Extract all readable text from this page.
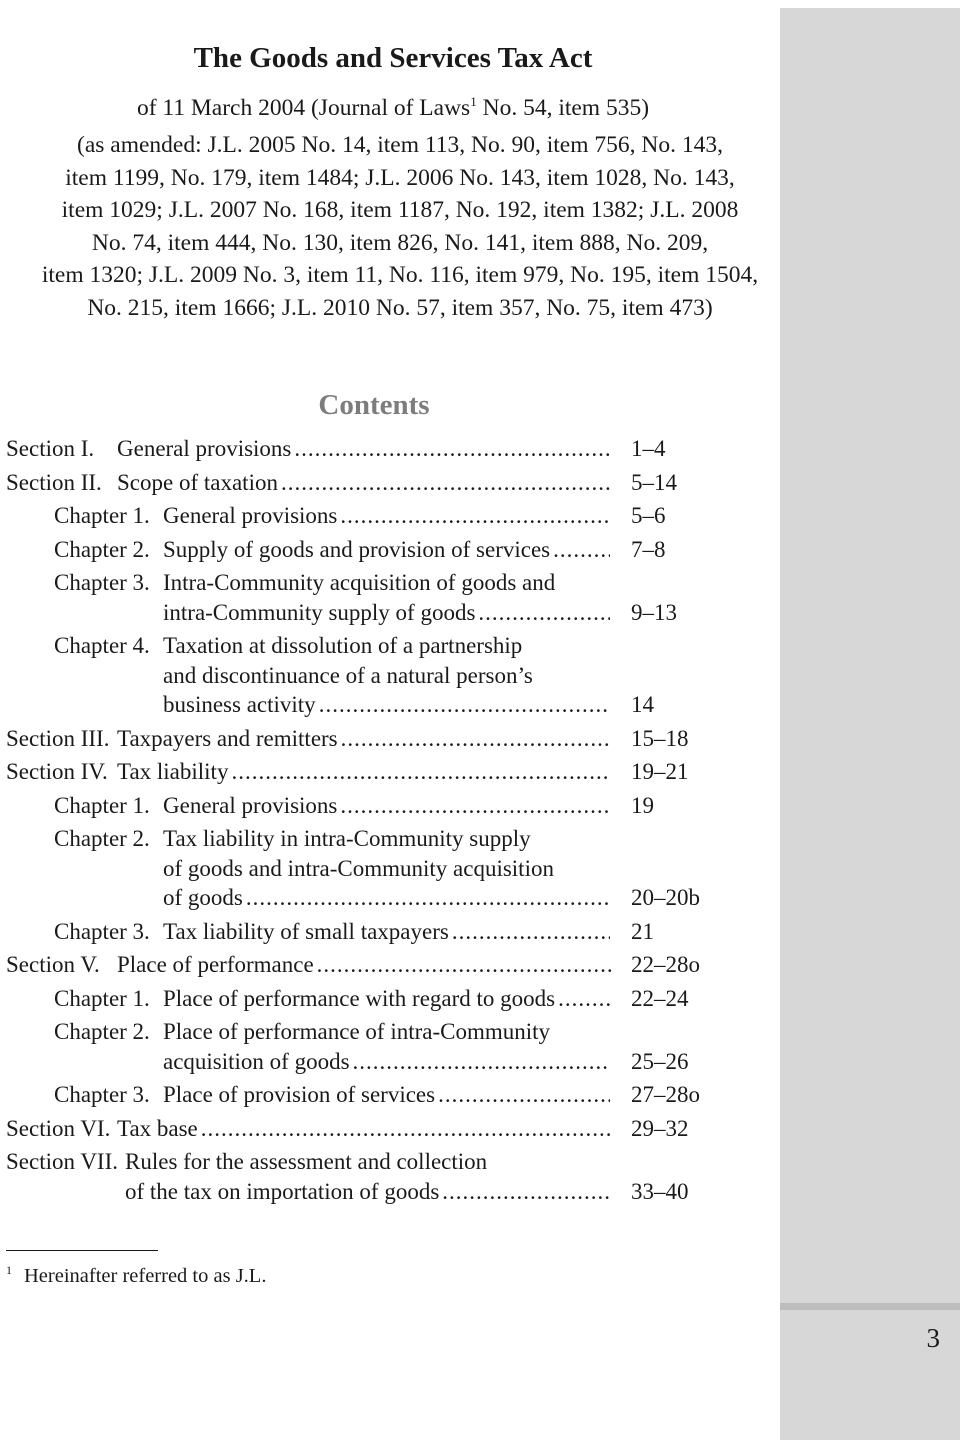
3
The Goods and Services Tax Act
of 11 March 2004 (Journal of Laws$^1$ No. 54, item 535)
(as amended: J.L. 2005 No. 14, item 113, No. 90, item 756, No. 143,
item 1199, No. 179, item 1484; J.L. 2006 No. 143, item 1028, No. 143,
item 1029; J.L. 2007 No. 168, item 1187, No. 192, item 1382; J.L. 2008
No. 74, item 444, No. 130, item 826, No. 141, item 888, No. 209,
item 1320; J.L. 2009 No. 3, item 11, No. 116, item 979, No. 195, item 1504,
No. 215, item 1666; J.L. 2010 No. 57, item 357, No. 75, item 473)
Contents
Section I. General provisions .....	1–4
Section II. Scope of taxation .....	5–14
Chapter 1. General provisions .....	5–6
Chapter 2. Supply of goods and provision of services .....	7–8
Chapter 3. Intra-Community acquisition of goods and
intra-Community supply of goods .....	9–13
Chapter 4. Taxation at dissolution of a partnership
and discontinuance of a natural person’s
business activity .....	14
Section III. Taxpayers and remitters .....	15–18
Section IV. Tax liability .....	19–21
Chapter 1. General provisions .....	19
Chapter 2. Tax liability in intra-Community supply
of goods and intra-Community acquisition
of goods .....	20–20b
Chapter 3. Tax liability of small taxpayers .....	21
Section V. Place of performance .....	22–28o
Chapter 1. Place of performance with regard to goods .....	22–24
Chapter 2. Place of performance of intra-Community
acquisition of goods .....	25–26
Chapter 3. Place of provision of services .....	27–28o
Section VI. Tax base .....	29–32
Section VII. Rules for the assessment and collection
of the tax on importation of goods .....	33–40
$^1$ Hereinafter referred to as J.L.
